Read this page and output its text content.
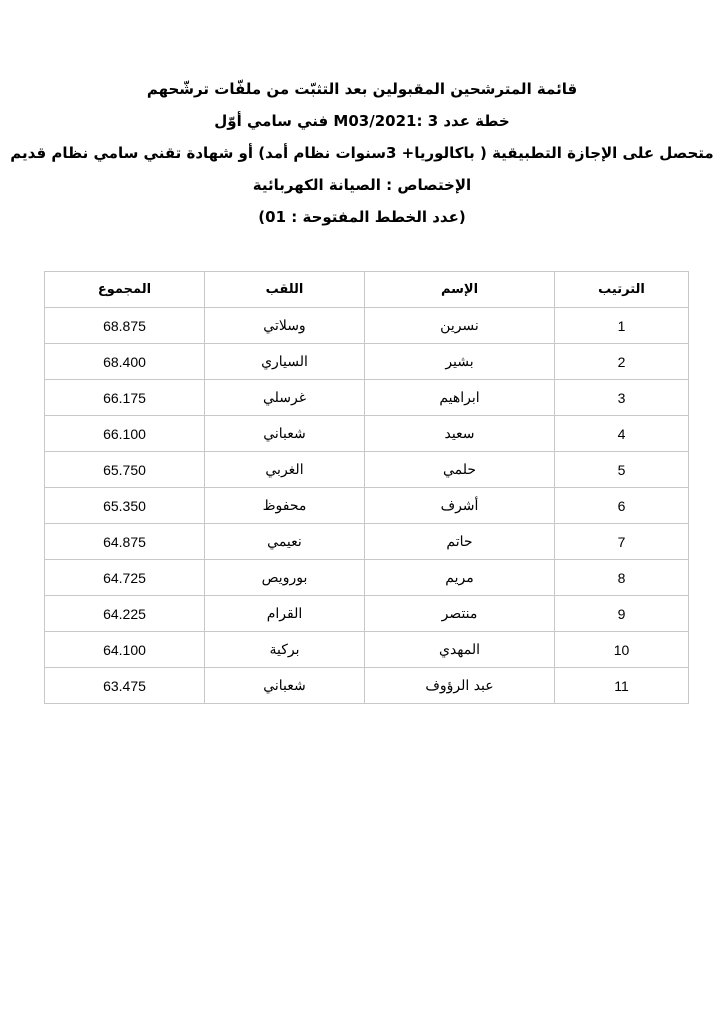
قائمة المترشحين المقبولين بعد التثبّت من ملفّات ترشّحهم
خطة عدد 3 :M03/2021 فني سامي أوّل
متحصل على الإجازة التطبيقية ( باكالوريا+ 3سنوات نظام أمد) أو شهادة تقني سامي نظام قديم
الإختصاص : الصيانة الكهربائية
(عدد الخطط المفتوحة : 01)
الترتيب	الإسم	اللقب	المجموع
1	نسرين	وسلاتي	68.875
2	بشير	السياري	68.400
3	ابراهيم	غرسلي	66.175
4	سعيد	شعباني	66.100
5	حلمي	الغربي	65.750
6	أشرف	محفوظ	65.350
7	حاتم	نعيمي	64.875
8	مريم	بورويص	64.725
9	منتصر	القرام	64.225
10	المهدي	بركية	64.100
11	عبد الرؤوف	شعباني	63.475
